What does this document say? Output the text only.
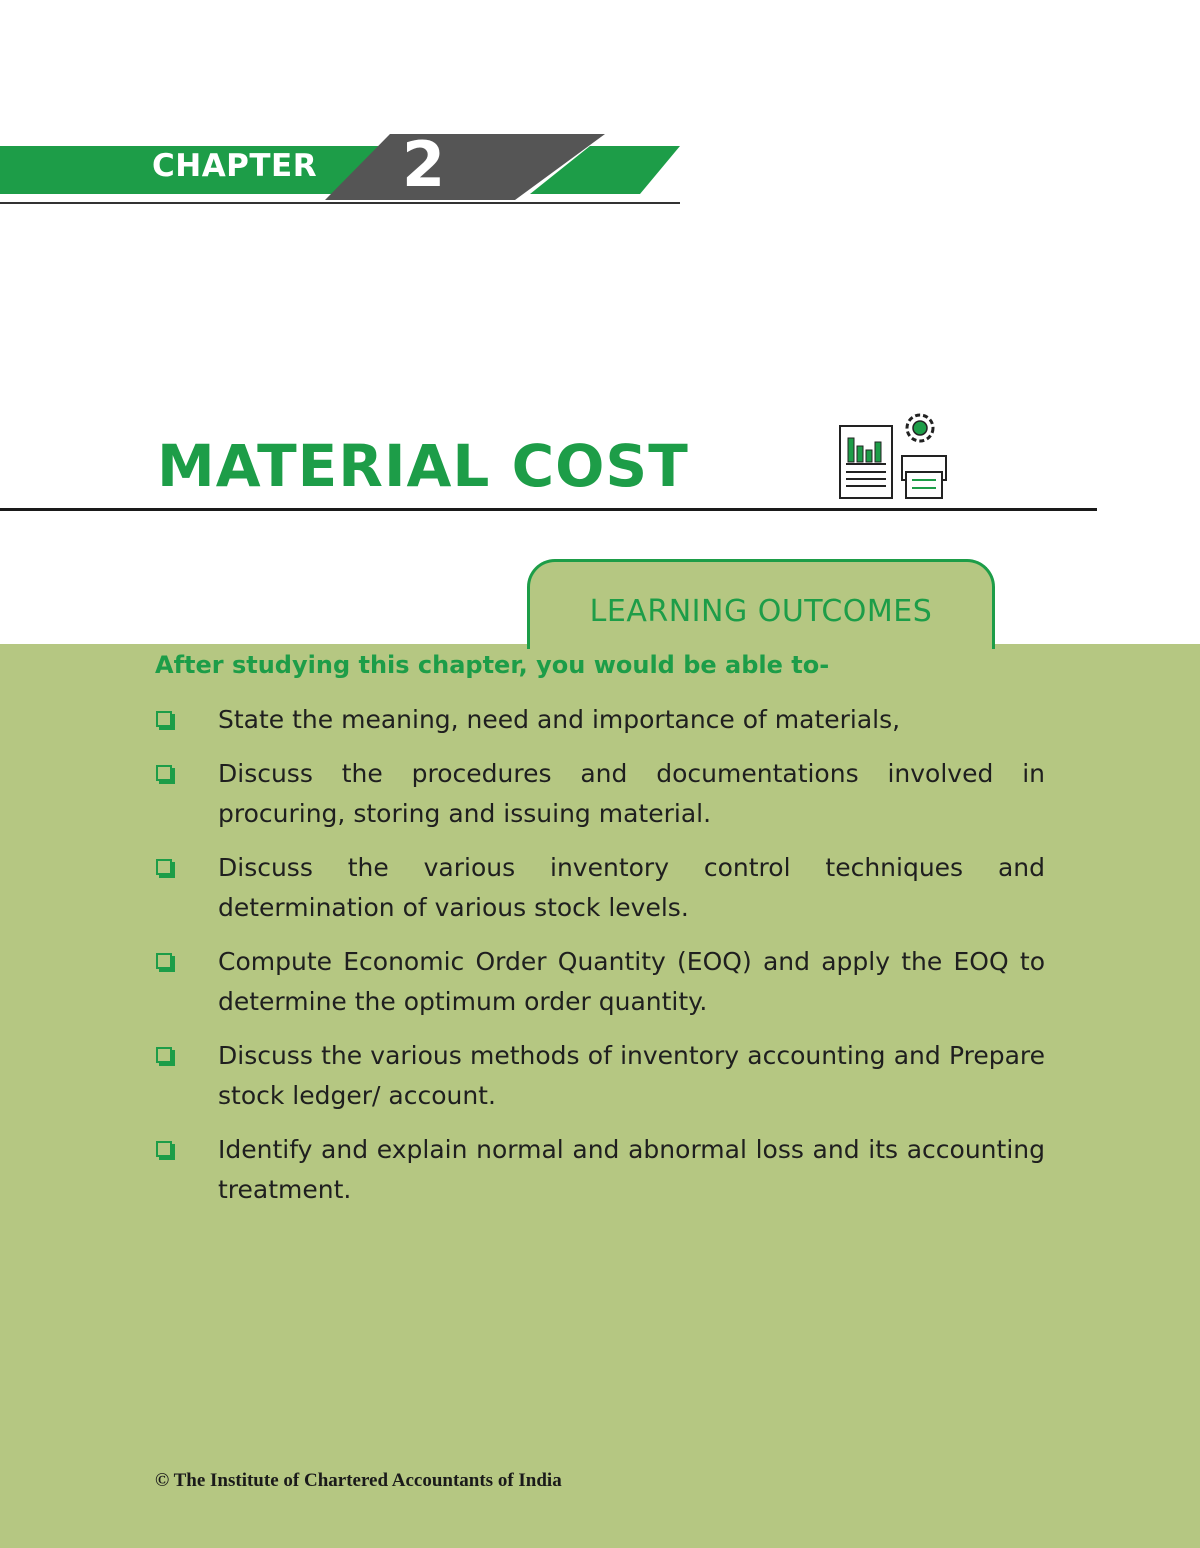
CHAPTER 2
MATERIAL COST
LEARNING OUTCOMES
After studying this chapter, you would be able to-
State the meaning, need and importance of materials,
Discuss the procedures and documentations involved in procuring, storing and issuing material.
Discuss the various inventory control techniques and determination of various stock levels.
Compute Economic Order Quantity (EOQ) and apply the EOQ to determine the optimum order quantity.
Discuss the various methods of inventory accounting and Prepare stock ledger/ account.
Identify and explain normal and abnormal loss and its accounting treatment.
© The Institute of Chartered Accountants of India
